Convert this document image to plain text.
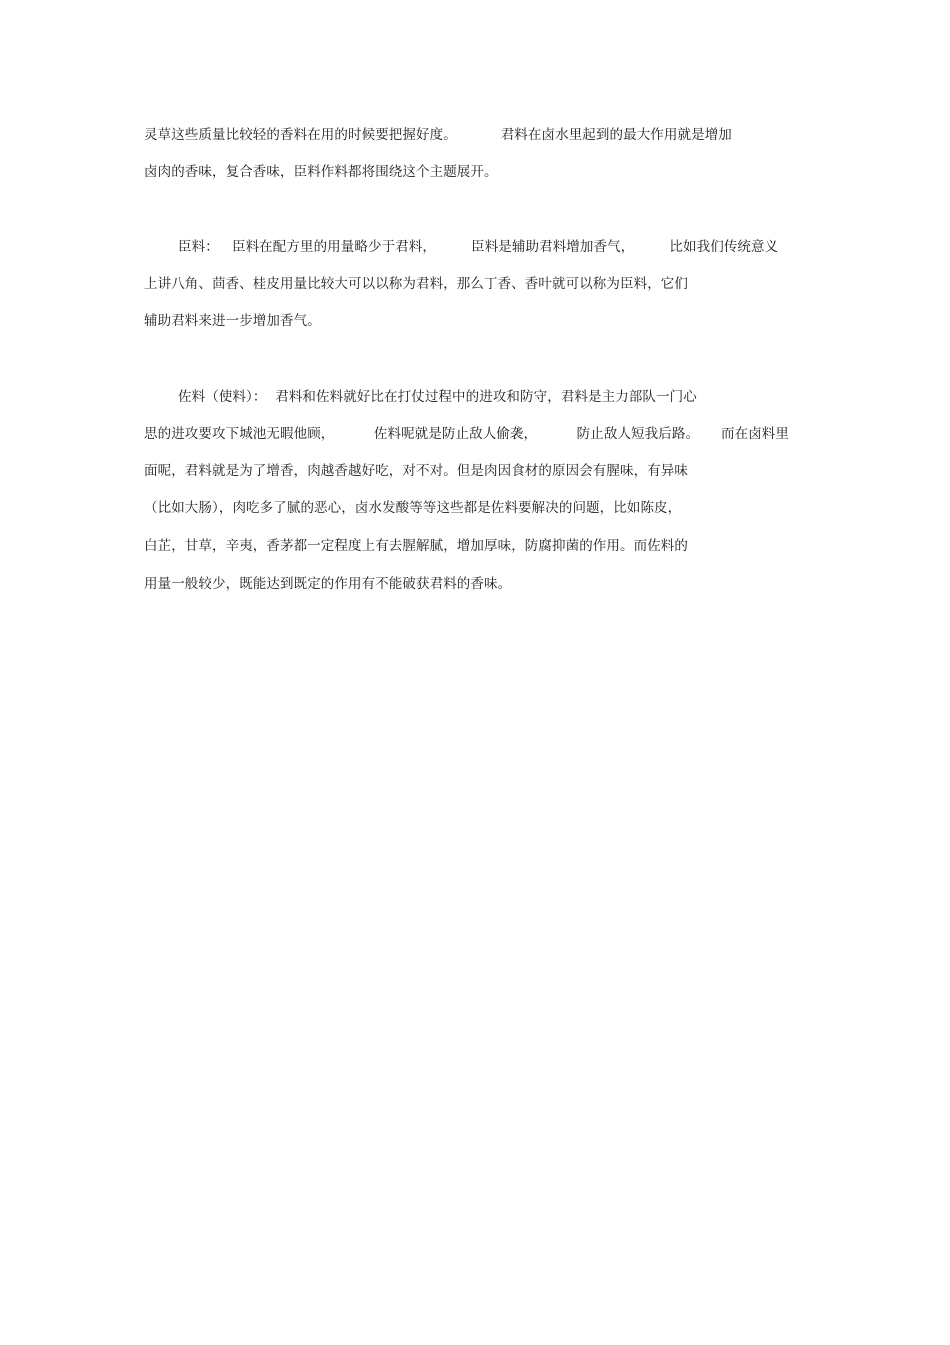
灵草这些质量比较轻的香料在用的时候要把握好度。          君料在卤水里起到的最大作用就是增加
卤肉的香味，复合香味，臣料作料都将围绕这个主题展开。
臣料：   臣料在配方里的用量略少于君料，        臣料是辅助君料增加香气，        比如我们传统意义
上讲八角、茴香、桂皮用量比较大可以以称为君料，那么丁香、香叶就可以称为臣料，它们
辅助君料来进一步增加香气。
佐料（使料）：  君料和佐料就好比在打仗过程中的进攻和防守，君料是主力部队一门心
思的进攻要攻下城池无暇他顾，         佐料呢就是防止敌人偷袭，         防止敌人短我后路。     而在卤料里
面呢，君料就是为了增香，肉越香越好吃，对不对。但是肉因食材的原因会有腥味，有异味
（比如大肠），肉吃多了腻的恶心，卤水发酸等等这些都是佐料要解决的问题，比如陈皮，
白芷，甘草，辛夷，香茅都一定程度上有去腥解腻，增加厚味，防腐抑菌的作用。而佐料的
用量一般较少，既能达到既定的作用有不能破获君料的香味。
